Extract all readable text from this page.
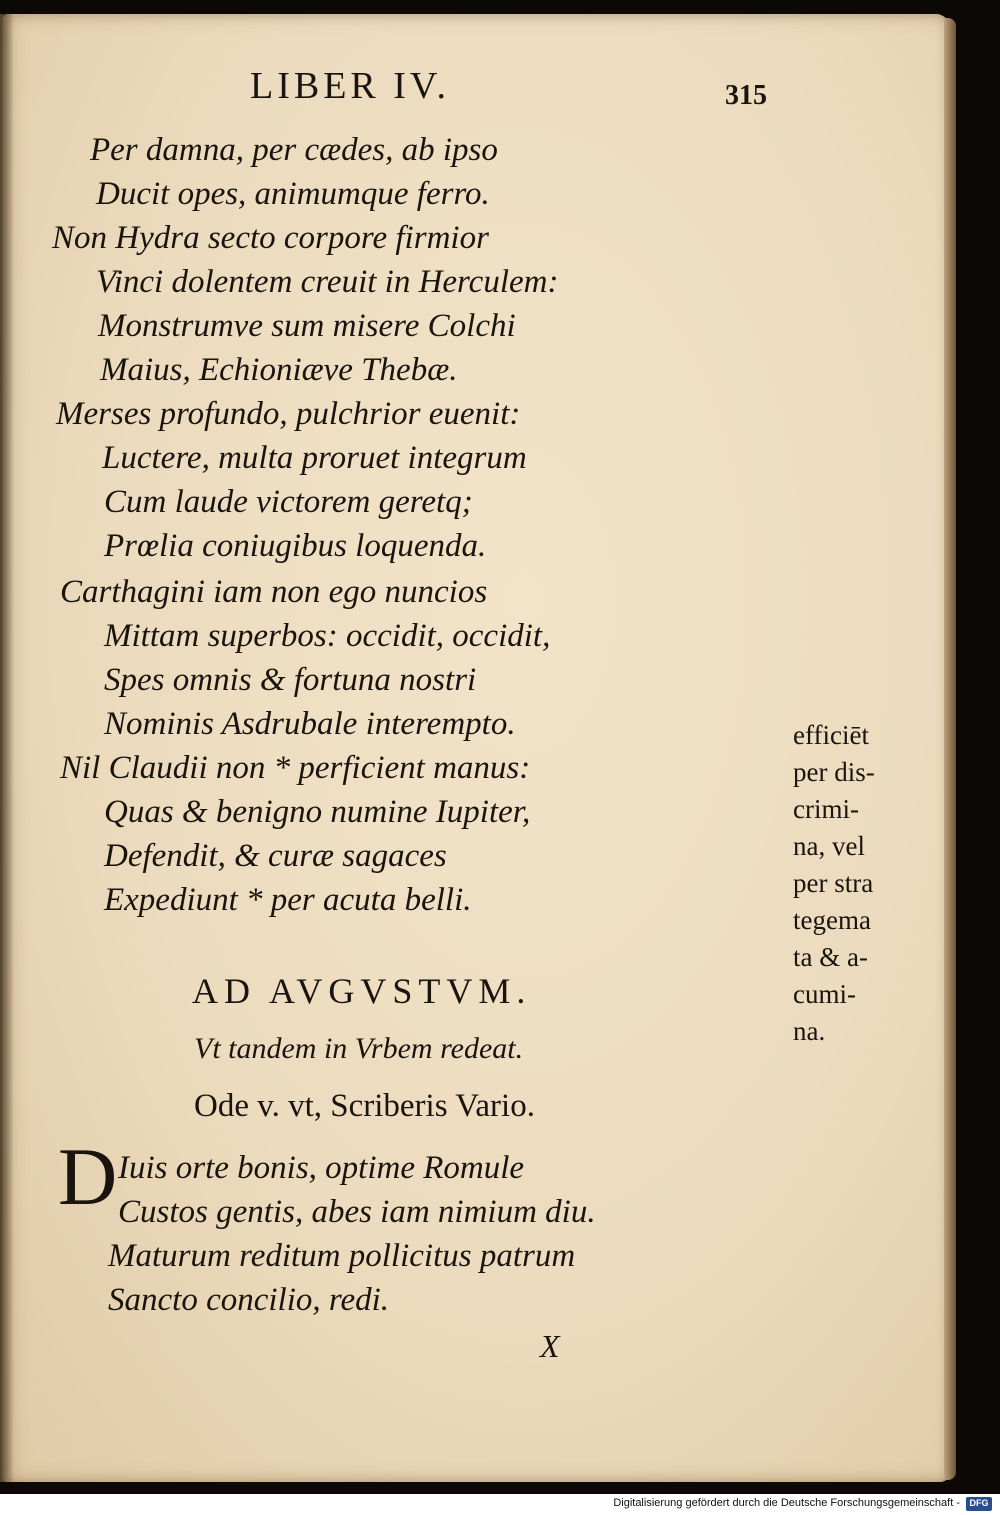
LIBER IV.	315
Per damna, per cædes, ab ipso
Ducit opes, animumque ferro.
Non Hydra secto corpore firmior
Vinci dolentem creuit in Herculem:
Monstrumve sum misere Colchi
Maius, Echioniæve Thebæ.
Merses profundo, pulchrior euenit:
Luctere, multa proruet integrum
Cum laude victorem geretq;
Prœlia coniugibus loquenda.
Carthagini iam non ego nuncios
Mittam superbos: occidit, occidit,
Spes omnis & fortuna nostri
Nominis Asdrubale interempto.
Nil Claudii non * perficient manus:
Quas & benigno numine Iupiter,
Defendit, & curæ sagaces
Expediunt * per acuta belli.
AD AVGVSTVM.
Vt tandem in Vrbem redeat.
Ode v. vt, Scriberis Vario.
D Iuis orte bonis, optime Romule
Custos gentis, abes iam nimium diu.
Maturum reditum pollicitus patrum
Sancto concilio, redi.
efficiēt
per dis-
crimi-
na, vel
per stra
tegema
ta & a-
cumi-
na.
X
Digitalisierung gefördert durch die Deutsche Forschungsgemeinschaft -	DFG
